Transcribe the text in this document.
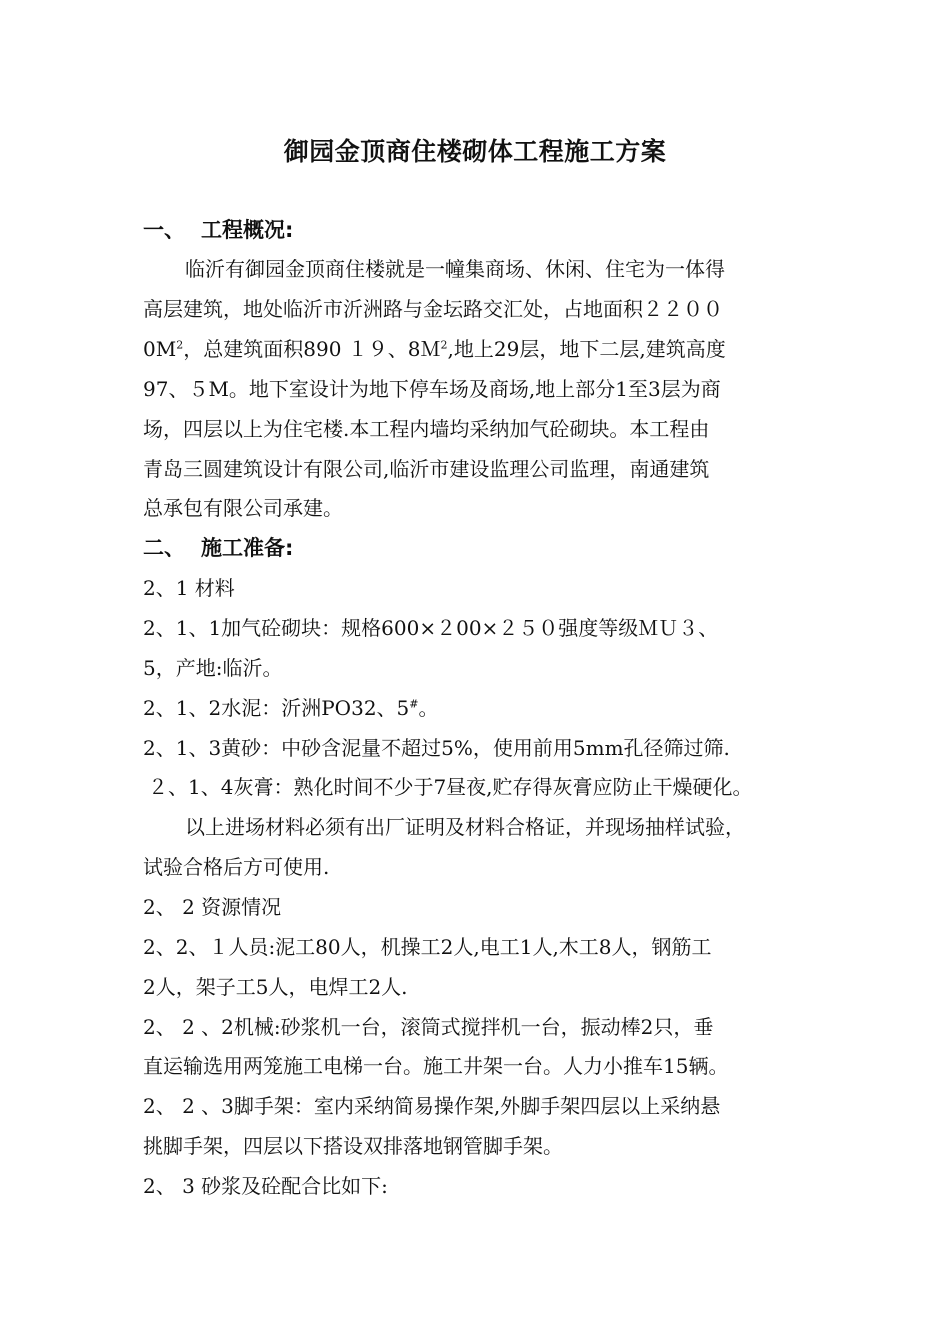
御园金顶商住楼砌体工程施工方案
一、 工程概况:
临沂有御园金顶商住楼就是一幢集商场、休闲、住宅为一体得
高层建筑，地处临沂市沂洲路与金坛路交汇处，占地面积２２００
$0M^2$，总建筑面积890 １９、8Ｍ$^2$,地上29层，地下二层,建筑高度
97、５M。地下室设计为地下停车场及商场,地上部分1至3层为商
场，四层以上为住宅楼.本工程内墙均采纳加气砼砌块。本工程由
青岛三圆建筑设计有限公司,临沂市建设监理公司监理，南通建筑
总承包有限公司承建。
二、 施工准备:
2、1 材料
2、1、1加气砼砌块：规格600×２00×２５０强度等级ＭＵ３、
5，产地:临沂。
2、1、2水泥：沂洲PO32、5#。
2、1、3黄砂：中砂含泥量不超过5%，使用前用5mm孔径筛过筛.
２、1、4灰膏：熟化时间不少于7昼夜,贮存得灰膏应防止干燥硬化。
以上进场材料必须有出厂证明及材料合格证，并现场抽样试验，
试验合格后方可使用.
2、 2 资源情况
2、2、１人员:泥工80人，机操工2人,电工1人,木工8人，钢筋工
2人，架子工5人，电焊工2人.
2、 2 、2机械:砂浆机一台，滚筒式搅拌机一台，振动棒2只，垂
直运输选用两笼施工电梯一台。施工井架一台。人力小推车15辆。
2、 2 、3脚手架：室内采纳简易操作架,外脚手架四层以上采纳悬
挑脚手架，四层以下搭设双排落地钢管脚手架。
2、 3 砂浆及砼配合比如下:
